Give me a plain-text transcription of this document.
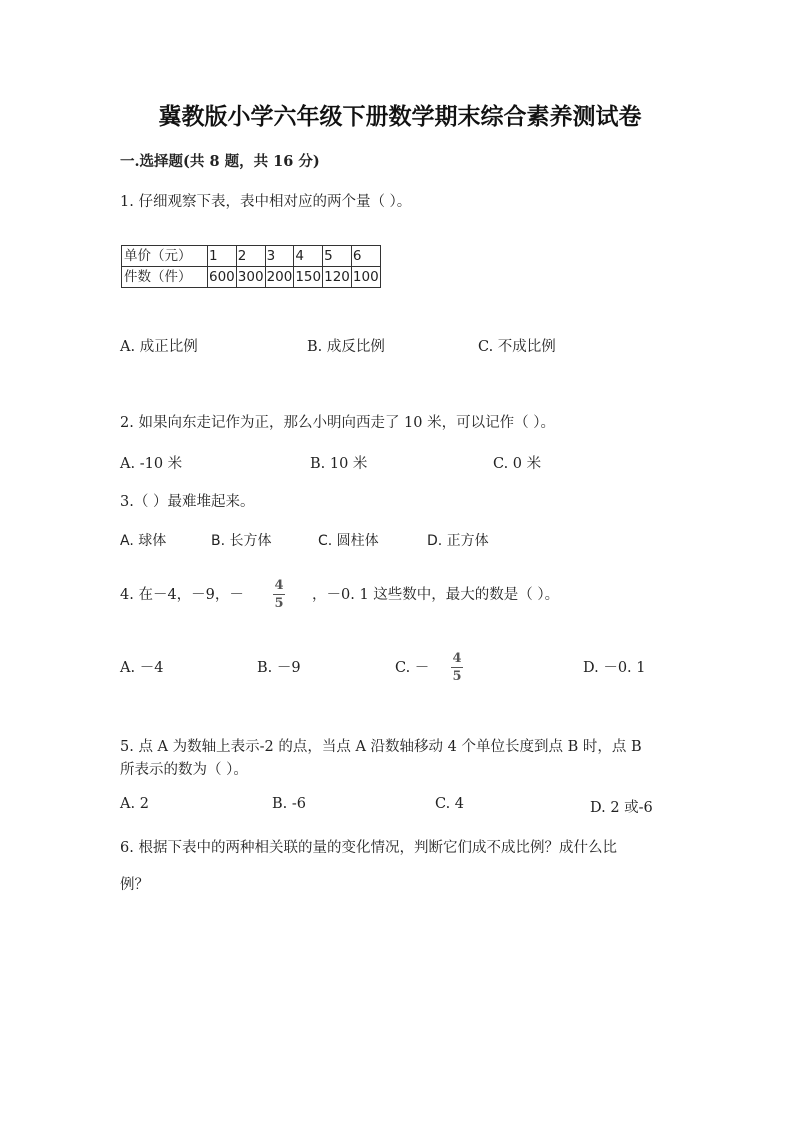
冀教版小学六年级下册数学期末综合素养测试卷
一.选择题(共 8 题，共 16 分)
1. 仔细观察下表，表中相对应的两个量（ ）。
单价（元）	1	2	3	4	5	6
件数（件）	600	300	200	150	120	100
A. 成正比例	B. 成反比例	C. 不成比例
2. 如果向东走记作为正，那么小明向西走了 10 米，可以记作（ ）。
A. -10 米	B. 10 米	C. 0 米
3.（ ）最难堆起来。
A. 球体	B. 长方体	C. 圆柱体	D. 正方体
4. 在－4，－9，－
4
5
，－0. 1 这些数中，最大的数是（ ）。
A. －4	B. －9	C. －
4
5
D. －0. 1
5. 点 A 为数轴上表示-2 的点，当点 A 沿数轴移动 4 个单位长度到点 B 时，点 B
所表示的数为（ ）。
A. 2	B. -6	C. 4	D. 2 或-6
6. 根据下表中的两种相关联的量的变化情况，判断它们成不成比例？成什么比
例？
